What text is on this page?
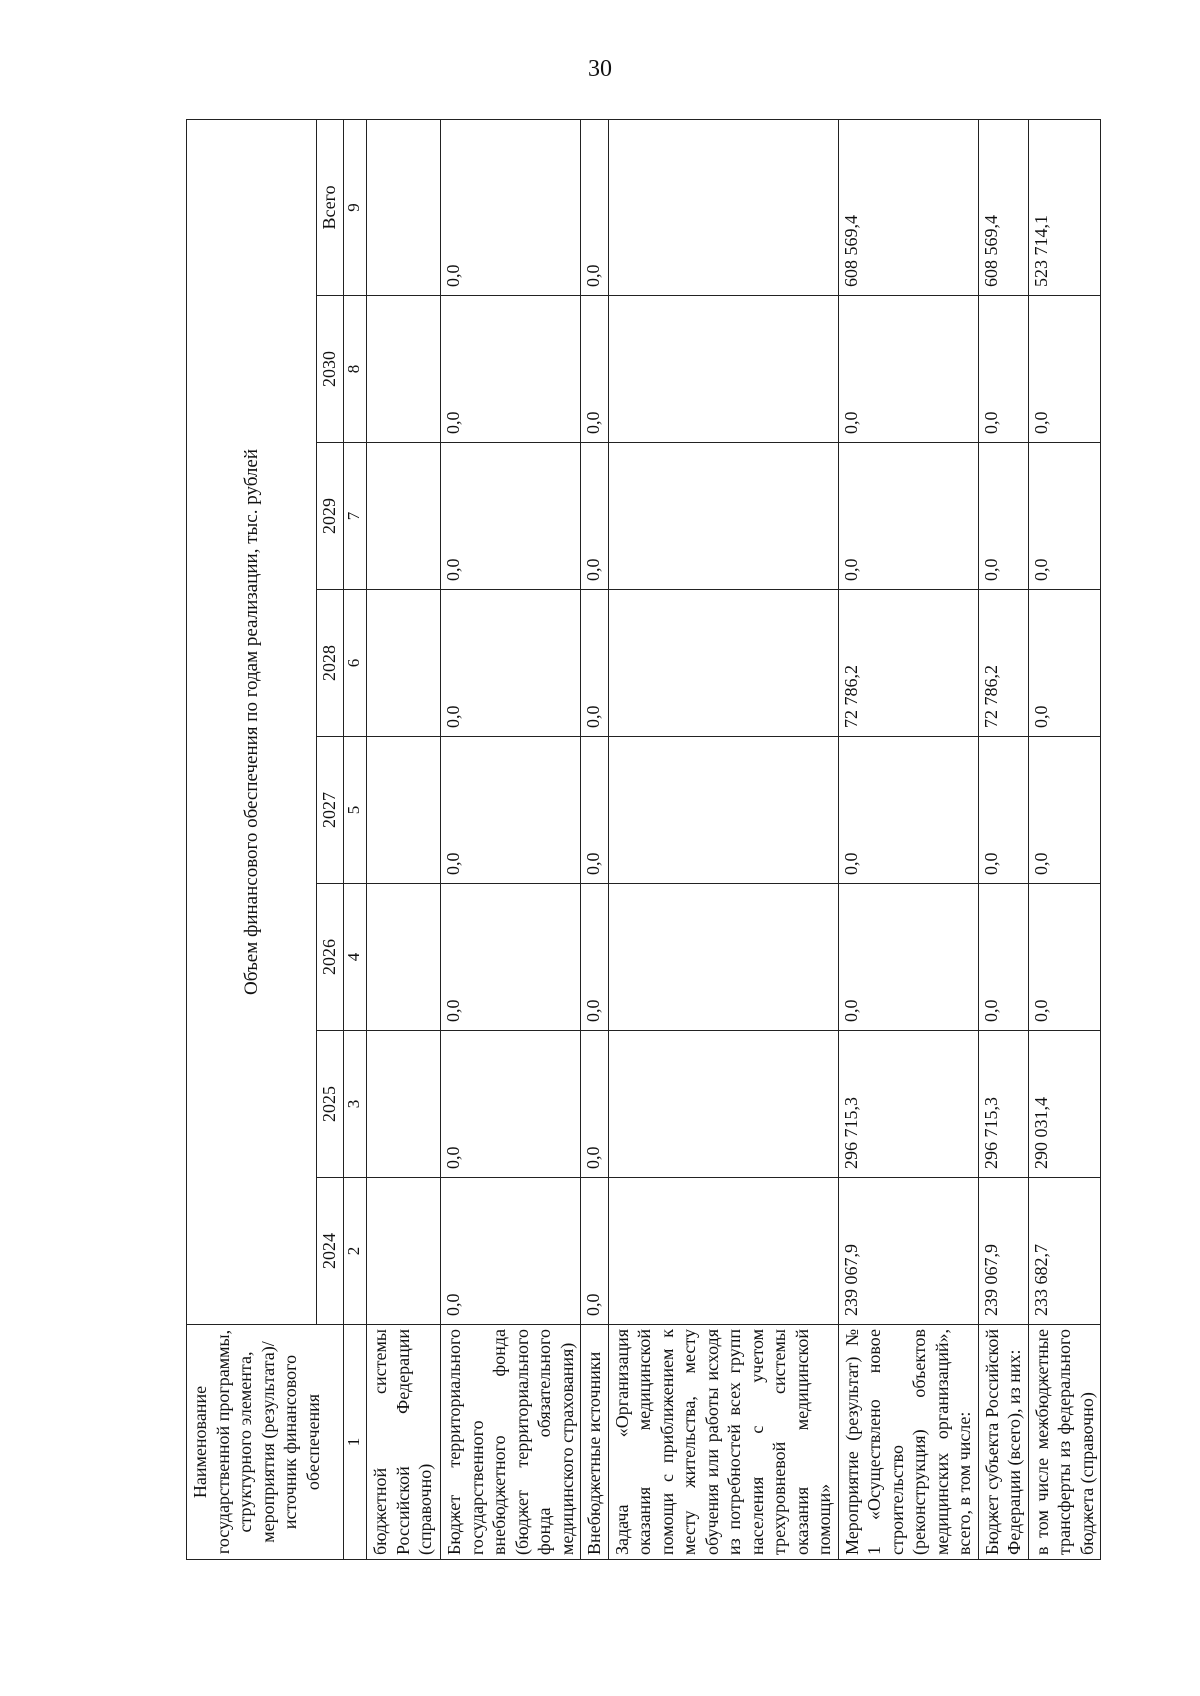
30
Наименование государственной программы, структурного элемента, мероприятия (результата)/источник финансового обеспечения	Объем финансового обеспечения по годам реализации, тыс. рублей							
	2024	2025	2026	2027	2028	2029	2030	Всего
1	2	3	4	5	6	7	8	9
бюджетной системы Российской Федерации (справочно)								
Бюджет территориального государственного внебюджетного фонда (бюджет территориального фонда обязательного медицинского страхования)	0,0	0,0	0,0	0,0	0,0	0,0	0,0	0,0
Внебюджетные источники	0,0	0,0	0,0	0,0	0,0	0,0	0,0	0,0
Задача «Организация оказания медицинской помощи с приближением к месту жительства, месту обучения или работы исходя из потребностей всех групп населения с учетом трехуровневой системы оказания медицинской помощи»								
Мероприятие (результат) № 1 «Осуществлено новое строительство (реконструкция) объектов медицинских организаций», всего, в том числе:	239 067,9	296 715,3	0,0	0,0	72 786,2	0,0	0,0	608 569,4
Бюджет субъекта Российской Федерации (всего), из них:	239 067,9	296 715,3	0,0	0,0	72 786,2	0,0	0,0	608 569,4
в том числе межбюджетные трансферты из федерального бюджета (справочно)	233 682,7	290 031,4	0,0	0,0	0,0	0,0	0,0	523 714,1
